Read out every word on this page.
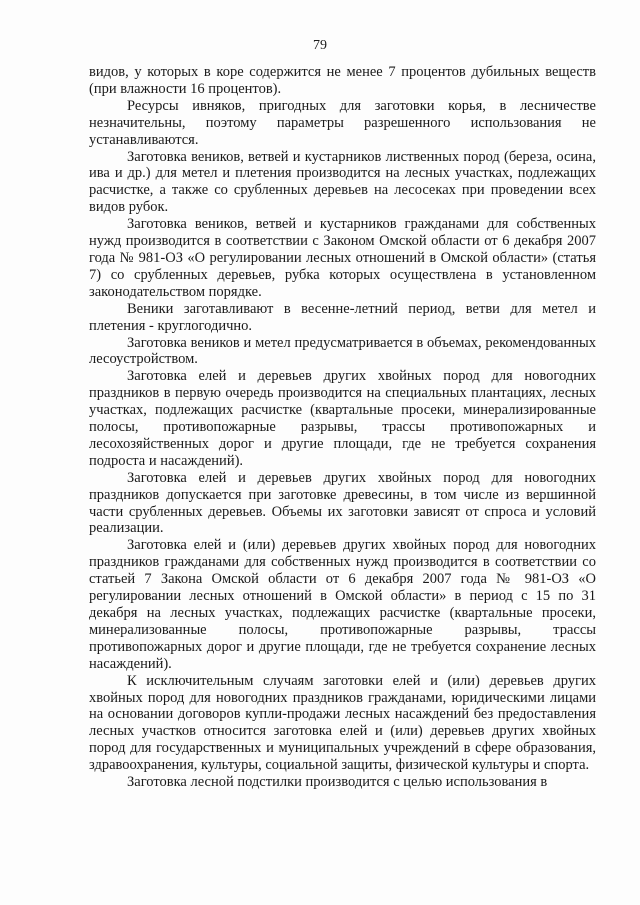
79

видов, у которых в коре содержится не менее 7 процентов дубильных веществ (при влажности 16 процентов).

Ресурсы ивняков, пригодных для заготовки корья, в лесничестве незначительны, поэтому параметры разрешенного использования не устанавливаются.

Заготовка веников, ветвей и кустарников лиственных пород (береза, осина, ива и др.) для метел и плетения производится на лесных участках, подлежащих расчистке, а также со срубленных деревьев на лесосеках при проведении всех видов рубок.

Заготовка веников, ветвей и кустарников гражданами для собственных нужд производится в соответствии с Законом Омской области от 6 декабря 2007 года № 981-ОЗ «О регулировании лесных отношений в Омской области» (статья 7) со срубленных деревьев, рубка которых осуществлена в установленном законодательством порядке.

Веники заготавливают в весенне-летний период, ветви для метел и плетения - круглогодично.

Заготовка веников и метел предусматривается в объемах, рекомендованных лесоустройством.

Заготовка елей и деревьев других хвойных пород для новогодних праздников в первую очередь производится на специальных плантациях, лесных участках, подлежащих расчистке (квартальные просеки, минерализированные полосы, противопожарные разрывы, трассы противопожарных и лесохозяйственных дорог и другие площади, где не требуется сохранения подроста и насаждений).

Заготовка елей и деревьев других хвойных пород для новогодних праздников допускается при заготовке древесины, в том числе из вершинной части срубленных деревьев. Объемы их заготовки зависят от спроса и условий реализации.

Заготовка елей и (или) деревьев других хвойных пород для новогодних праздников гражданами для собственных нужд производится в соответствии со статьей 7 Закона Омской области от 6 декабря 2007 года № 981-ОЗ «О регулировании лесных отношений в Омской области» в период с 15 по 31 декабря на лесных участках, подлежащих расчистке (квартальные просеки, минерализованные полосы, противопожарные разрывы, трассы противопожарных дорог и другие площади, где не требуется сохранение лесных насаждений).

К исключительным случаям заготовки елей и (или) деревьев других хвойных пород для новогодних праздников гражданами, юридическими лицами на основании договоров купли-продажи лесных насаждений без предоставления лесных участков относится заготовка елей и (или) деревьев других хвойных пород для государственных и муниципальных учреждений в сфере образования, здравоохранения, культуры, социальной защиты, физической культуры и спорта.

Заготовка лесной подстилки производится с целью использования в
